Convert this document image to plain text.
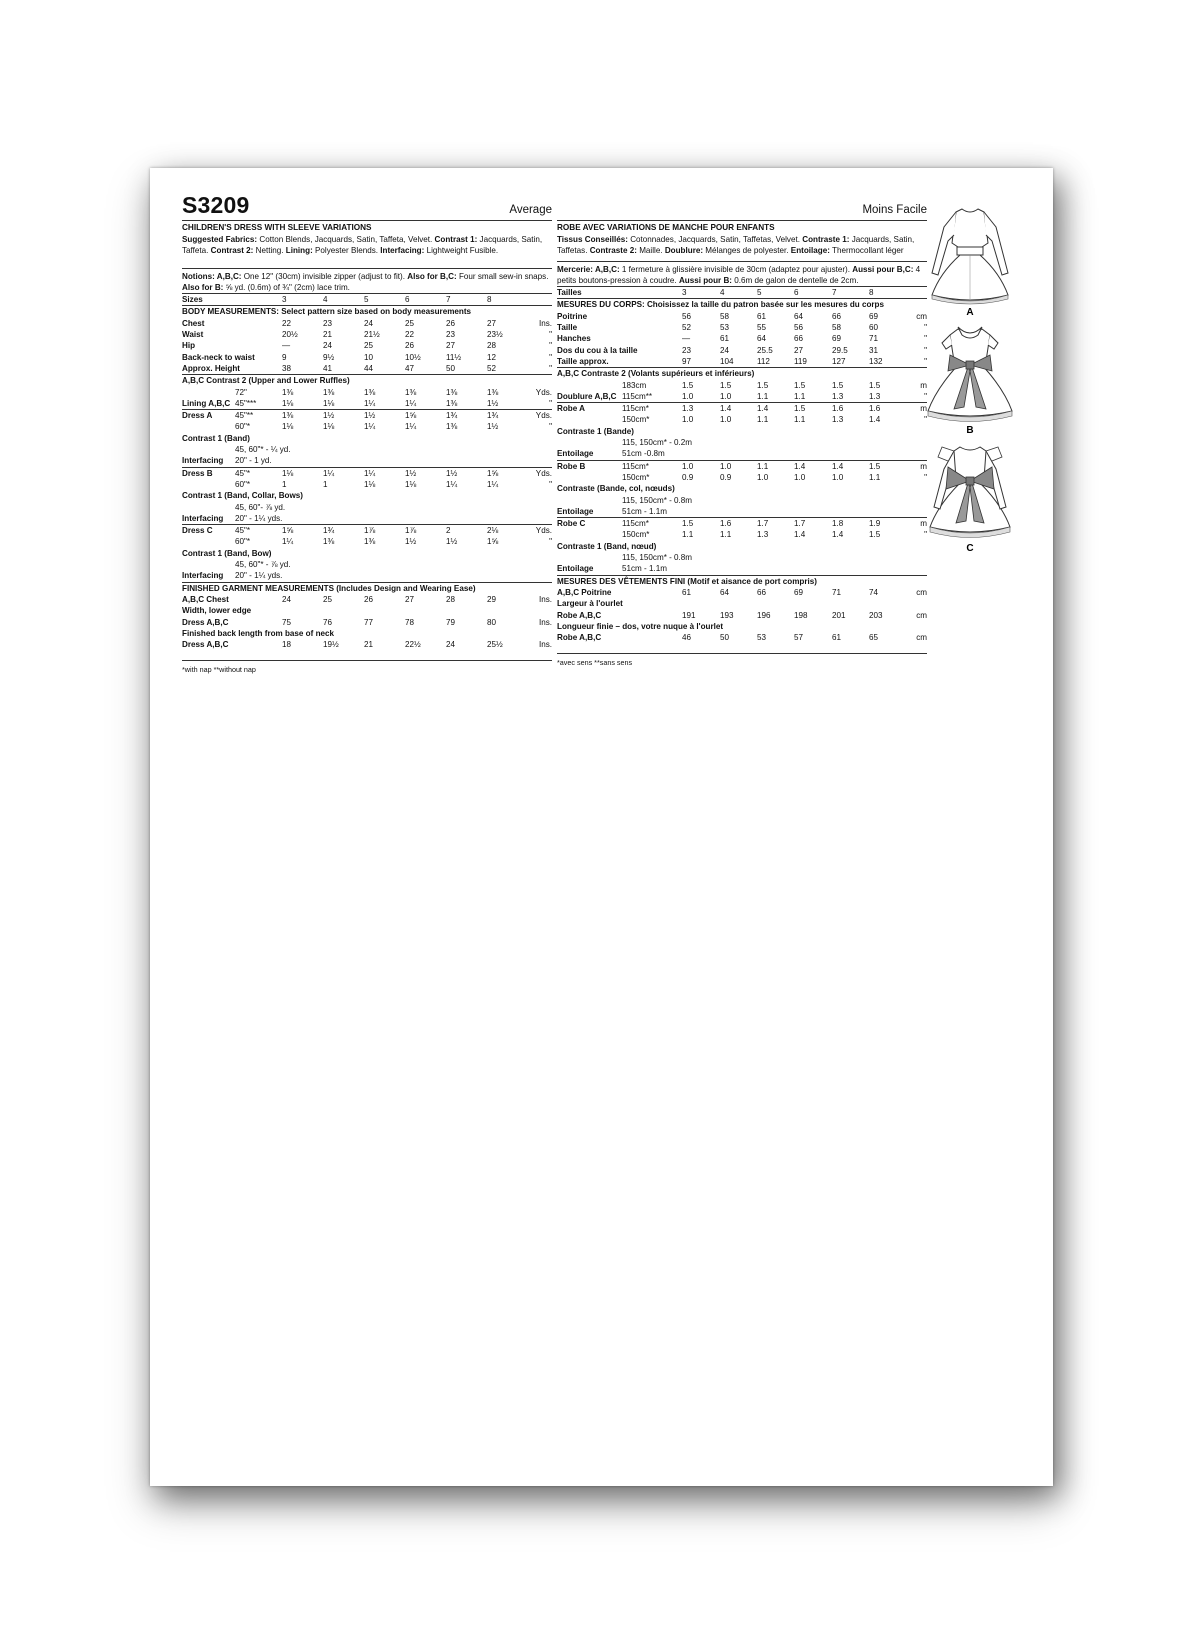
S3209	Average
CHILDREN'S DRESS WITH SLEEVE VARIATIONS
Suggested Fabrics: Cotton Blends, Jacquards, Satin, Taffeta, Velvet. Contrast 1: Jacquards, Satin, Taffeta. Contrast 2: Netting. Lining: Polyester Blends. Interfacing: Lightweight Fusible.
Notions: A,B,C: One 12" (30cm) invisible zipper (adjust to fit). Also for B,C: Four small sew-in snaps. Also for B: ⅝ yd. (0.6m) of ¾" (2cm) lace trim.
Sizes	3	4	5	6	7	8
BODY MEASUREMENTS: Select pattern size based on body measurements
Chest	22	23	24	25	26	27	Ins.
Waist	20½	21	21½	22	23	23½	"
Hip	—	24	25	26	27	28	"
Back-neck to waist	9	9½	10	10½	11½	12	"
Approx. Height	38	41	44	47	50	52	"
A,B,C Contrast 2 (Upper and Lower Ruffles)
72"	1⅜	1⅜	1⅜	1⅜	1⅜	1⅜	Yds.
Lining A,B,C 45"***	1⅛	1⅛	1¼	1¼	1⅜	1½	"
Dress A	45"**	1⅜	1½	1½	1⅝	1¾	1¾	Yds.
60"*	1⅛	1⅛	1¼	1¼	1⅜	1½	"
Contrast 1 (Band)
45, 60"* - ¼ yd.
Interfacing 20" - 1 yd.
Dress B	45"*	1⅛	1¼	1¼	1½	1½	1⅝	Yds.
60"*	1	1	1⅛	1⅛	1¼	1¼	"
Contrast 1 (Band, Collar, Bows)
45, 60"- ⅞ yd.
Interfacing 20" - 1¼ yds.
Dress C	45"*	1⅝	1¾	1⅞	1⅞	2	2⅛	Yds.
60"*	1¼	1⅜	1⅜	1½	1½	1⅝	"
Contrast 1 (Band, Bow)
45, 60"* - ⅞ yd.
Interfacing 20" - 1¼ yds.
FINISHED GARMENT MEASUREMENTS (Includes Design and Wearing Ease)
A,B,C Chest	24	25	26	27	28	29	Ins.
Width, lower edge
Dress A,B,C	75	76	77	78	79	80	Ins.
Finished back length from base of neck
Dress A,B,C	18	19½	21	22½	24	25½	Ins.
*with nap **without nap
Moins Facile
ROBE AVEC VARIATIONS DE MANCHE POUR ENFANTS
Tissus Conseillés: Cotonnades, Jacquards, Satin, Taffetas, Velvet. Contraste 1: Jacquards, Satin, Taffetas. Contraste 2: Maille. Doublure: Mélanges de polyester. Entoilage: Thermocollant léger
Mercerie: A,B,C: 1 fermeture à glissière invisible de 30cm (adaptez pour ajuster). Aussi pour B,C: 4 petits boutons-pression à coudre. Aussi pour B: 0.6m de galon de dentelle de 2cm.
Tailles	3	4	5	6	7	8
MESURES DU CORPS: Choisissez la taille du patron basée sur les mesures du corps
Poitrine	56	58	61	64	66	69	cm
Taille	52	53	55	56	58	60	"
Hanches	—	61	64	66	69	71	"
Dos du cou à la taille	23	24	25.5	27	29.5	31	"
Taille approx.	97	104	112	119	127	132	"
A,B,C Contraste 2 (Volants supérieurs et inférieurs)
183cm	1.5	1.5	1.5	1.5	1.5	1.5	m
Doublure A,B,C 115cm**	1.0	1.0	1.1	1.1	1.3	1.3	"
Robe A	115cm*	1.3	1.4	1.4	1.5	1.6	1.6	m
150cm*	1.0	1.0	1.1	1.1	1.3	1.4	"
Contraste 1 (Bande)
115, 150cm* - 0.2m
Entoilage	51cm -0.8m
Robe B	115cm*	1.0	1.0	1.1	1.4	1.4	1.5	m
150cm*	0.9	0.9	1.0	1.0	1.0	1.1	"
Contraste (Bande, col, nœuds)
115, 150cm* - 0.8m
Entoilage	51cm - 1.1m
Robe C	115cm*	1.5	1.6	1.7	1.7	1.8	1.9	m
150cm*	1.1	1.1	1.3	1.4	1.4	1.5	"
Contraste 1 (Band, nœud)
115, 150cm* - 0.8m
Entoilage	51cm - 1.1m
MESURES DES VÊTEMENTS FINI (Motif et aisance de port compris)
A,B,C Poitrine	61	64	66	69	71	74	cm
Largeur à l'ourlet
Robe A,B,C	191	193	196	198	201	203	cm
Longueur finie – dos, votre nuque à l'ourlet
Robe A,B,C	46	50	53	57	61	65	cm
*avec sens **sans sens
A
B
C
